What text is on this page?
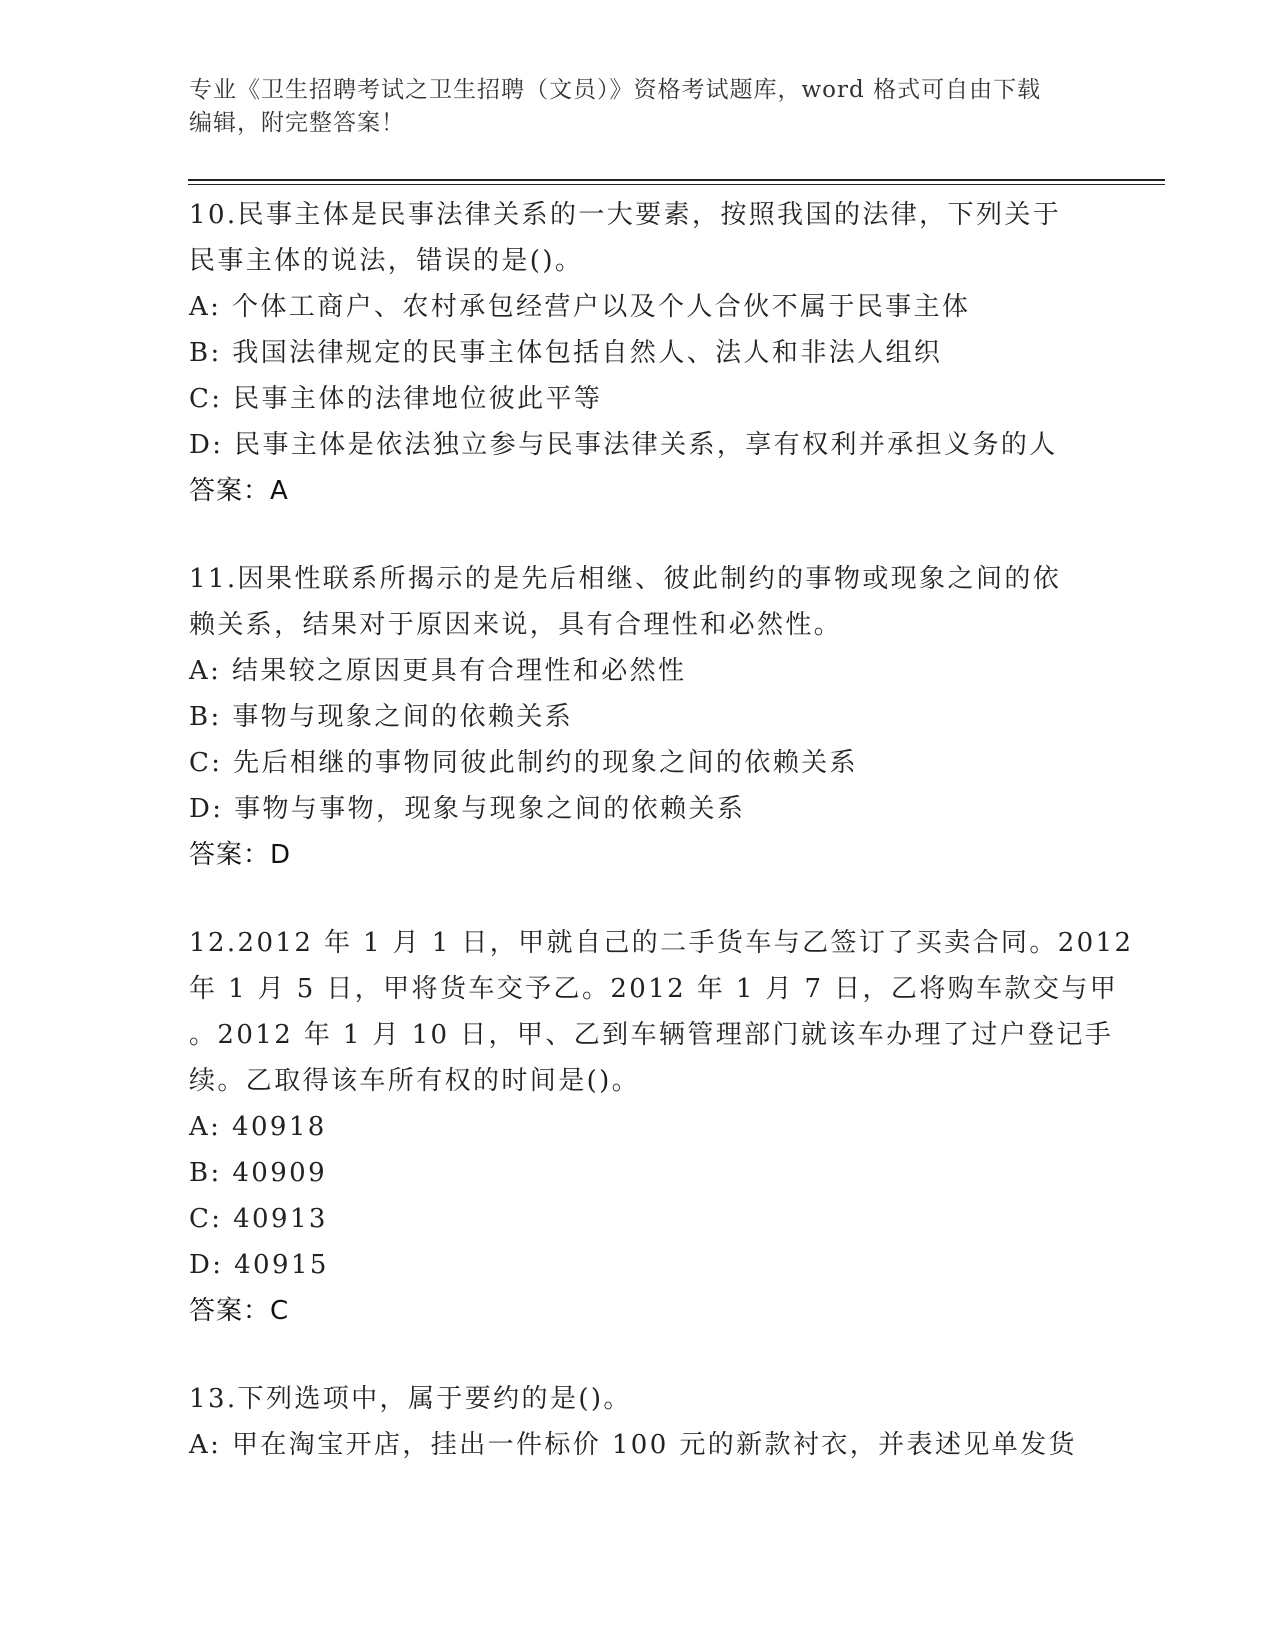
专业《卫生招聘考试之卫生招聘（文员）》资格考试题库，word 格式可自由下载
编辑，附完整答案！
10.民事主体是民事法律关系的一大要素，按照我国的法律，下列关于
民事主体的说法，错误的是()。
A: 个体工商户、农村承包经营户以及个人合伙不属于民事主体
B: 我国法律规定的民事主体包括自然人、法人和非法人组织
C: 民事主体的法律地位彼此平等
D: 民事主体是依法独立参与民事法律关系，享有权利并承担义务的人
答案：A
11.因果性联系所揭示的是先后相继、彼此制约的事物或现象之间的依
赖关系，结果对于原因来说，具有合理性和必然性。
A: 结果较之原因更具有合理性和必然性
B: 事物与现象之间的依赖关系
C: 先后相继的事物同彼此制约的现象之间的依赖关系
D: 事物与事物，现象与现象之间的依赖关系
答案：D
12.2012 年 1 月 1 日，甲就自己的二手货车与乙签订了买卖合同。2012
年 1 月 5 日，甲将货车交予乙。2012 年 1 月 7 日，乙将购车款交与甲
。2012 年 1 月 10 日，甲、乙到车辆管理部门就该车办理了过户登记手
续。乙取得该车所有权的时间是()。
A: 40918
B: 40909
C: 40913
D: 40915
答案：C
13.下列选项中，属于要约的是()。
A: 甲在淘宝开店，挂出一件标价 100 元的新款衬衣，并表述见单发货
